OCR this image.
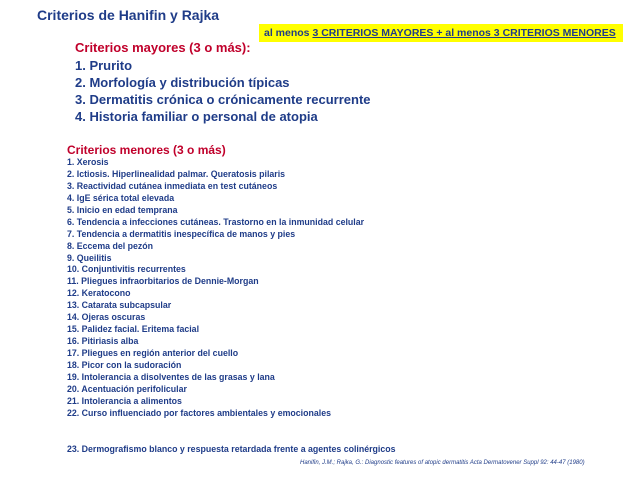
Criterios de Hanifin y Rajka
al menos 3 CRITERIOS MAYORES + al menos 3 CRITERIOS MENORES
Criterios mayores (3 o más):
1. Prurito
2. Morfología y distribución típicas
3. Dermatitis crónica o crónicamente recurrente
4. Historia familiar o personal de atopia
Criterios menores (3 o más)
1. Xerosis
2. Ictiosis. Hiperlinealidad palmar. Queratosis pilaris
3. Reactividad cutánea inmediata en test cutáneos
4. IgE sérica total elevada
5. Inicio en edad temprana
6. Tendencia a infecciones cutáneas. Trastorno en la inmunidad celular
7. Tendencia a dermatitis inespecífica de manos y pies
8. Eccema del pezón
9. Queilitis
10. Conjuntivitis recurrentes
11. Pliegues infraorbitarios de Dennie-Morgan
12. Keratocono
13. Catarata subcapsular
14. Ojeras oscuras
15. Palidez facial. Eritema facial
16. Pitiriasis alba
17. Pliegues en región anterior del cuello
18. Picor con la sudoración
19. Intolerancia a disolventes de las grasas y lana
20. Acentuación perifolicular
21. Intolerancia a alimentos
22. Curso influenciado por factores ambientales y emocionales
23. Dermografismo blanco y respuesta retardada frente a agentes colinérgicos
Hanifin, J.M.; Rajka, G.: Diagnostic features of atopic dermatitis Acta Dermatovener Suppl 92: 44-47 (1980)
